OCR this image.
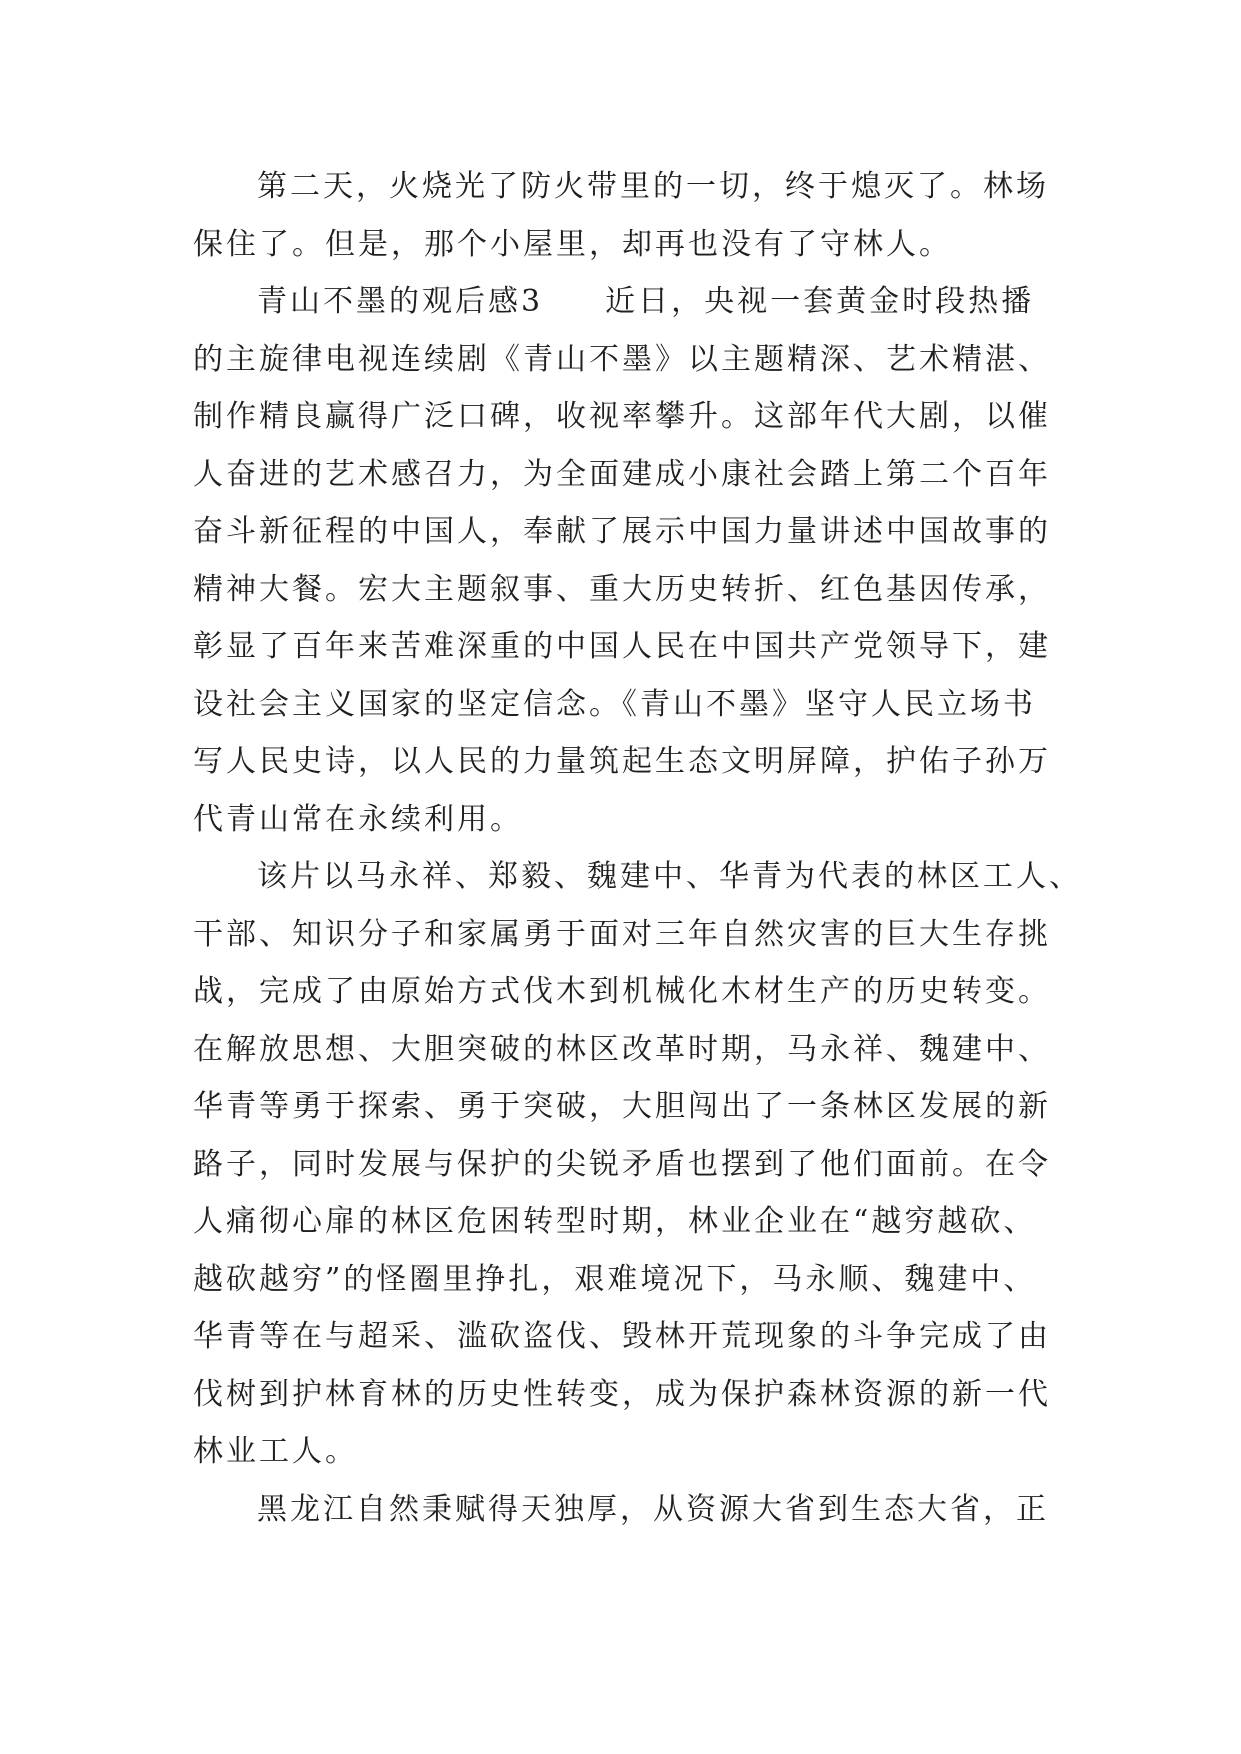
第二天，火烧光了防火带里的一切，终于熄灭了。林场
保住了。但是，那个小屋里，却再也没有了守林人。
青山不墨的观后感3 近日，央视一套黄金时段热播
的主旋律电视连续剧《青山不墨》以主题精深、艺术精湛、
制作精良赢得广泛口碑，收视率攀升。这部年代大剧，以催
人奋进的艺术感召力，为全面建成小康社会踏上第二个百年
奋斗新征程的中国人，奉献了展示中国力量讲述中国故事的
精神大餐。宏大主题叙事、重大历史转折、红色基因传承，
彰显了百年来苦难深重的中国人民在中国共产党领导下，建
设社会主义国家的坚定信念。《青山不墨》坚守人民立场书
写人民史诗，以人民的力量筑起生态文明屏障，护佑子孙万
代青山常在永续利用。
该片以马永祥、郑毅、魏建中、华青为代表的林区工人、
干部、知识分子和家属勇于面对三年自然灾害的巨大生存挑
战，完成了由原始方式伐木到机械化木材生产的历史转变。
在解放思想、大胆突破的林区改革时期，马永祥、魏建中、
华青等勇于探索、勇于突破，大胆闯出了一条林区发展的新
路子，同时发展与保护的尖锐矛盾也摆到了他们面前。在令
人痛彻心扉的林区危困转型时期，林业企业在“越穷越砍、
越砍越穷”的怪圈里挣扎，艰难境况下，马永顺、魏建中、
华青等在与超采、滥砍盗伐、毁林开荒现象的斗争完成了由
伐树到护林育林的历史性转变，成为保护森林资源的新一代
林业工人。
黑龙江自然秉赋得天独厚，从资源大省到生态大省，正
